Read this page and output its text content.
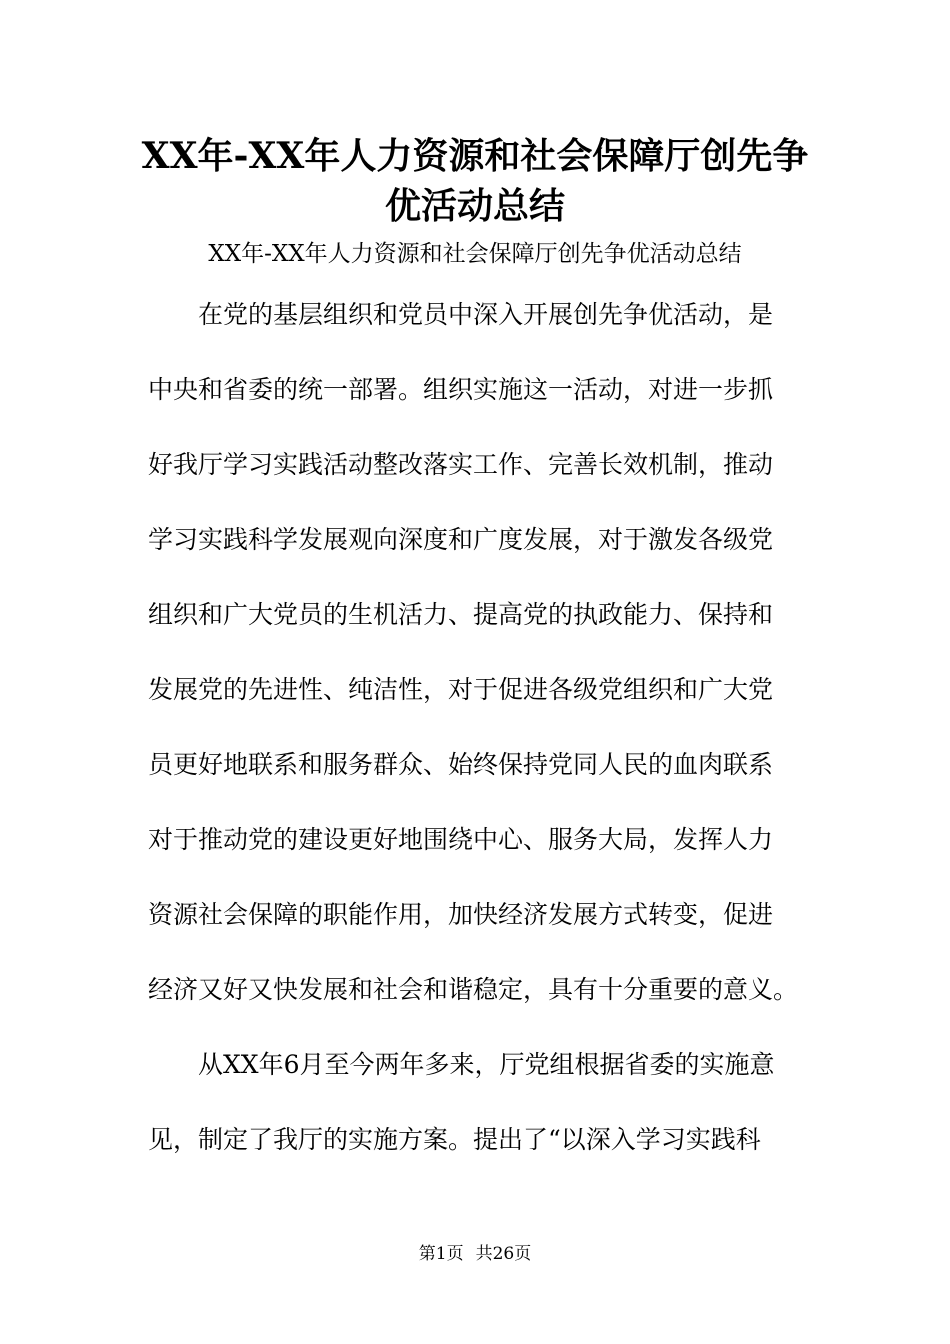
XX年-XX年人力资源和社会保障厅创先争
优活动总结

XX年-XX年人力资源和社会保障厅创先争优活动总结

在党的基层组织和党员中深入开展创先争优活动，是

中央和省委的统一部署。组织实施这一活动，对进一步抓

好我厅学习实践活动整改落实工作、完善长效机制，推动

学习实践科学发展观向深度和广度发展，对于激发各级党

组织和广大党员的生机活力、提高党的执政能力、保持和

发展党的先进性、纯洁性，对于促进各级党组织和广大党

员更好地联系和服务群众、始终保持党同人民的血肉联系

对于推动党的建设更好地围绕中心、服务大局，发挥人力

资源社会保障的职能作用，加快经济发展方式转变，促进

经济又好又快发展和社会和谐稳定，具有十分重要的意义。

从XX年6月至今两年多来，厅党组根据省委的实施意

见，制定了我厅的实施方案。提出了“以深入学习实践科

第1页 共26页
